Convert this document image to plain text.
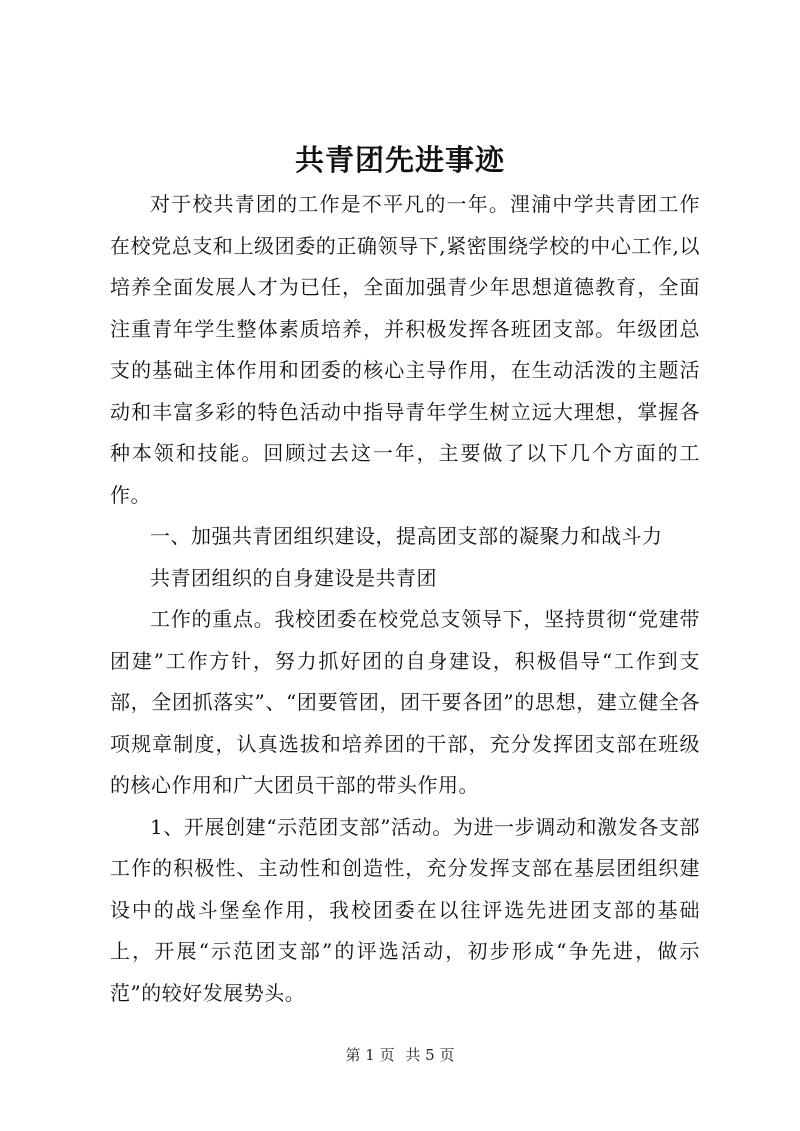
共青团先进事迹

对于校共青团的工作是不平凡的一年。浬浦中学共青团工作在校党总支和上级团委的正确领导下,紧密围绕学校的中心工作,以培养全面发展人才为已任，全面加强青少年思想道德教育，全面注重青年学生整体素质培养，并积极发挥各班团支部。年级团总支的基础主体作用和团委的核心主导作用，在生动活泼的主题活动和丰富多彩的特色活动中指导青年学生树立远大理想，掌握各种本领和技能。回顾过去这一年，主要做了以下几个方面的工作。

一、加强共青团组织建设，提高团支部的凝聚力和战斗力

共青团组织的自身建设是共青团

工作的重点。我校团委在校党总支领导下，坚持贯彻“党建带团建”工作方针，努力抓好团的自身建设，积极倡导“工作到支部，全团抓落实”、“团要管团，团干要各团”的思想，建立健全各项规章制度，认真选拔和培养团的干部，充分发挥团支部在班级的核心作用和广大团员干部的带头作用。

1、开展创建“示范团支部”活动。为进一步调动和激发各支部工作的积极性、主动性和创造性，充分发挥支部在基层团组织建设中的战斗堡垒作用，我校团委在以往评选先进团支部的基础上，开展“示范团支部”的评选活动，初步形成“争先进，做示范”的较好发展势头。

第 1 页 共 5 页
